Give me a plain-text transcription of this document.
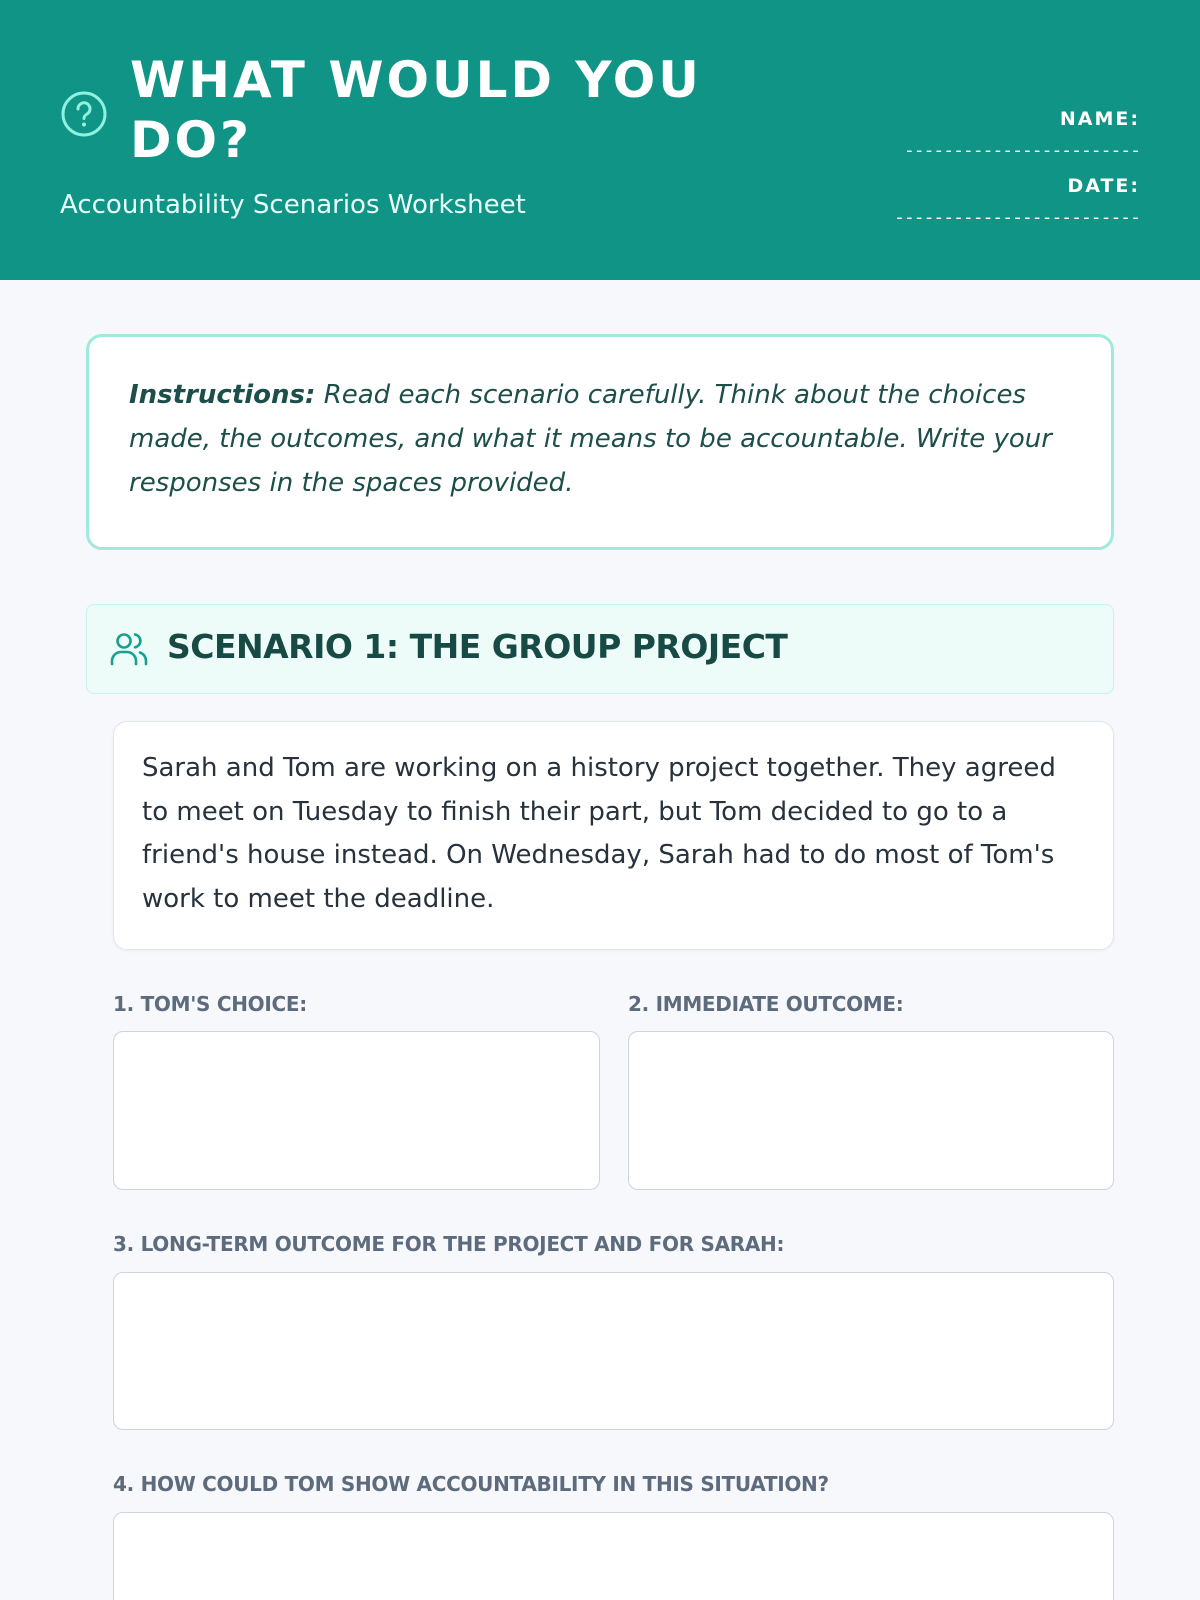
WHAT WOULD YOU DO?
Accountability Scenarios Worksheet
NAME:
------------------------
DATE:
-------------------------
Instructions: Read each scenario carefully. Think about the choices made, the outcomes, and what it means to be accountable. Write your responses in the spaces provided.
SCENARIO 1: THE GROUP PROJECT
Sarah and Tom are working on a history project together. They agreed to meet on Tuesday to finish their part, but Tom decided to go to a friend's house instead. On Wednesday, Sarah had to do most of Tom's work to meet the deadline.
1. TOM'S CHOICE:	2. IMMEDIATE OUTCOME:
3. LONG-TERM OUTCOME FOR THE PROJECT AND FOR SARAH:
4. HOW COULD TOM SHOW ACCOUNTABILITY IN THIS SITUATION?
